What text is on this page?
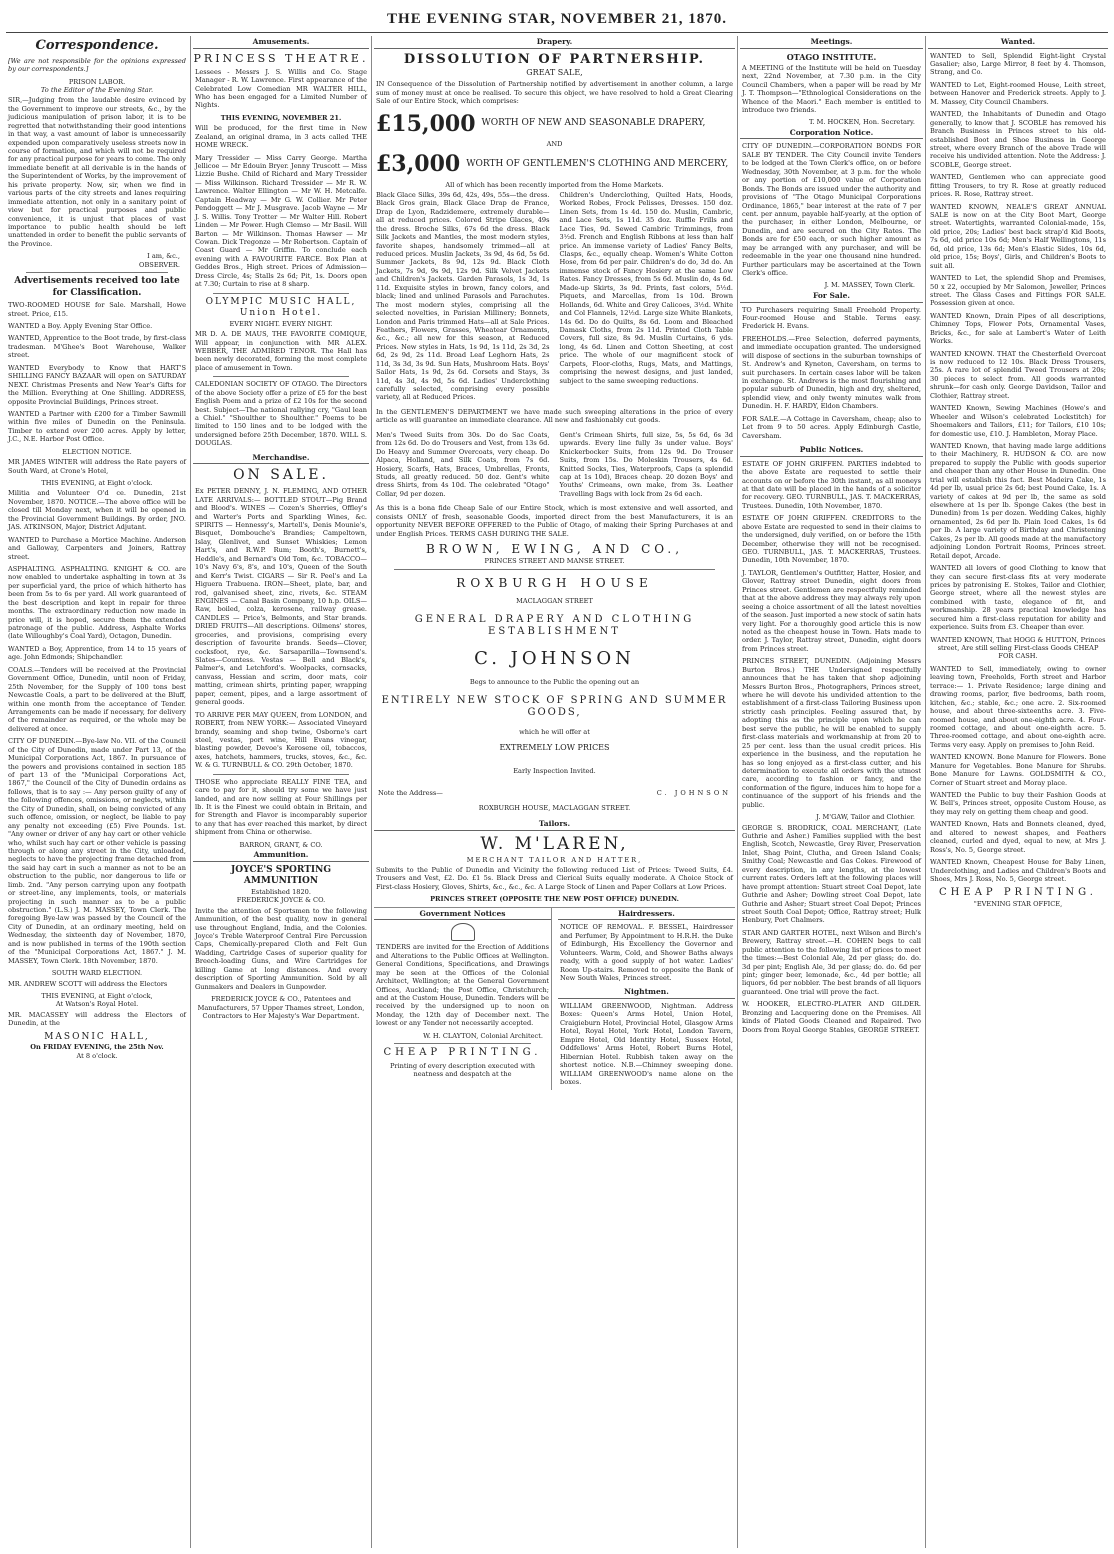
THE EVENING STAR, NOVEMBER 21, 1870.
Correspondence.
[We are not responsible for the opinions expressed by our correspondents.]
PRISON LABOR.
To the Editor of the Evening Star.
SIR,—Judging from the laudable desire evinced by the Government to improve our streets, &c., by the judicious manipulation of prison labor, it is to be regretted that notwithstanding their good intentions in that way, a vast amount of labor is unnecessarily expended upon comparatively useless streets now in course of formation, and which will not be required for any practical purpose for years to come. The only immediate benefit at all derivable is in the hands of the Superintendent of Works, by the improvement of his private property. Now, sir, when we find in various parts of the city streets and lanes requiring immediate attention, not only in a sanitary point of view but for practical purposes and public convenience, it is unjust that places of vast importance to public health should be left unattended in order to benefit the public servants of the Province.
I am, &c.,
OBSERVER.
Advertisements received too late for Classification.
TWO-ROOMED HOUSE for Sale. Marshall, Howe street. Price, £15.
WANTED a Boy. Apply Evening Star Office.
WANTED, Apprentice to the Boot trade, by first-class tradesman. M'Ghee's Boot Warehouse, Walker street.
WANTED Everybody to Know that HART'S SHILLING FANCY BAZAAR will open on SATURDAY NEXT. Christmas Presents and New Year's Gifts for the Million. Everything at One Shilling. ADDRESS, opposite Provincial Buildings, Princes street.
WANTED a Partner with £200 for a Timber Sawmill within five miles of Dunedin on the Peninsula. Timber to extend over 200 acres. Apply by letter, J.C., N.E. Harbor Post Office.
ELECTION NOTICE.
MR JAMES WINTER will address the Rate payers of South Ward, at Crone's Hotel,
THIS EVENING, at Eight o'clock.
Militia and Volunteer O'd ce. Dunedin, 21st November, 1870. NOTICE.—The above office will be closed till Monday next, when it will be opened in the Provincial Government Buildings. By order, JNO. JAS. ATKINSON, Major, District Adjutant.
WANTED to Purchase a Mortice Machine. Anderson and Galloway, Carpenters and Joiners, Rattray street.
ASPHALTING. ASPHALTING. KNIGHT & CO. are now enabled to undertake asphalting in town at 3s per superficial yard, the price of which hitherto has been from 5s to 6s per yard. All work guaranteed of the best description and kept in repair for three months. The extraordinary reduction now made in price will, it is hoped, secure them the extended patronage of the public. Address, Asphalte Works (late Willoughby's Coal Yard), Octagon, Dunedin.
WANTED a Boy, Apprentice, from 14 to 15 years of age. John Edmonds; Shipchandler.
COALS.—Tenders will be received at the Provincial Government Office, Dunedin, until noon of Friday, 25th November, for the Supply of 100 tons best Newcastle Coals, a part to be delivered at the Bluff, within one month from the acceptance of Tender. Arrangements can be made if necessary, for delivery of the remainder as required, or the whole may be delivered at once.
CITY OF DUNEDIN.—Bye-law No. VII. of the Council of the City of Dunedin, made under Part 13, of the Municipal Corporations Act, 1867. In pursuance of the powers and provisions contained in section 185 of part 13 of the "Municipal Corporations Act, 1867," the Council of the City of Dunedin ordains as follows, that is to say :— Any person guilty of any of the following offences, omissions, or neglects, within the City of Dunedin, shall, on being convicted of any such offence, omission, or neglect, be liable to pay any penalty not exceeding (£5) Five Pounds. 1st. "Any owner or driver of any hay cart or other vehicle who, whilst such hay cart or other vehicle is passing through or along any street in the City, unloaded, neglects to have the projecting frame detached from the said hay cart in such a manner as not to be an obstruction to the public, nor dangerous to life or limb. 2nd. "Any person carrying upon any footpath or street-line, any implements, tools, or materials projecting in such manner as to be a public obstruction." (L.S.) J. M. MASSEY, Town Clerk. The foregoing Bye-law was passed by the Council of the City of Dunedin, at an ordinary meeting, held on Wednesday, the sixteenth day of November, 1870, and is now published in terms of the 190th section of the "Municipal Corporations Act, 1867." J. M. MASSEY, Town Clerk. 18th November, 1870.
SOUTH WARD ELECTION.
MR. ANDREW SCOTT will address the Electors
THIS EVENING, at Eight o'clock,
At Watson's Royal Hotel.
MR. MACASSEY will address the Electors of Dunedin, at the
MASONIC HALL,
On FRIDAY EVENING, the 25th Nov.
At 8 o'clock.
Amusements.
PRINCESS THEATRE.
Lessees - Messrs J. S. Willis and Co. Stage Manager - R. W. Lawrence. First appearance of the Celebrated Low Comedian MR WALTER HILL, Who has been engaged for a Limited Number of Nights.
THIS EVENING, NOVEMBER 21.
Will be produced, for the first time in New Zealand, an original drama, in 3 acts called THE HOME WRECK.
Mary Tressider — Miss Carry George. Martha Jellicoe — Mr Edouin Bryer. Jenny Truscott — Miss Lizzie Bushe. Child of Richard and Mary Tressider — Miss Wilkinson. Richard Tressider — Mr R. W. Lawrence. Walter Ellington — Mr W. H. Metcalfe. Captain Headway — Mr G. W. Collier. Mr Peter Pendoggett — Mr J. Musgrave. Jacob Wayne — Mr J. S. Willis. Tony Trotter — Mr Walter Hill. Robert Linden — Mr Power. Hugh Clemso — Mr Basil. Will Barton — Mr Wilkinson. Thomas Hawser — Mr Cowan. Dick Tregonze — Mr Robertson. Captain of Coast Guard — Mr Griffin. To conclude each evening with A FAVOURITE FARCE. Box Plan at Geddes Bros., High street. Prices of Admission—Dress Circle, 4s; Stalls 2s 6d; Pit, 1s. Doors open at 7.30; Curtain to rise at 8 sharp.
OLYMPIC MUSIC HALL, Union Hotel.
EVERY NIGHT. EVERY NIGHT.
MR D. A. DE MAUS, THE FAVORITE COMIQUE, Will appear, in conjunction with MR ALEX. WEBBER, THE ADMIRED TENOR. The Hall has been newly decorated, forming the most complete place of amusement in Town.
CALEDONIAN SOCIETY OF OTAGO. The Directors of the above Society offer a prize of £5 for the best English Poem and a prize of £2 10s for the second best. Subject—The national rallying cry, "Gaul lean a Chiel." "Shoulther to Shoulther." Poems to be limited to 150 lines and to be lodged with the undersigned before 25th December, 1870. WILL S. DOUGLAS.
Merchandise.
ON SALE.
Ex PETER DENNY, J. N. FLEMING, AND OTHER LATE ARRIVALS:— BOTTLED STOUT—Pig Brand and Blood's. WINES — Cozen's Sherries, Offley's and Warter's Ports and Sparkling Wines, &c. SPIRITS — Hennessy's, Martell's, Denis Mounie's, Bisquet, Dombouche's Brandies; Campeltown, Islay, Glenlivet, and Sunset Whiskies; Lemon Hart's, and R.W.P. Rum; Booth's, Burnett's, Heddle's, and Bernard's Old Tom, &c. TOBACCO—10's Navy 6's, 8's, and 10's, Queen of the South and Kerr's Twist. CIGARS — Sir R. Peel's and La Higuera Trabuena. IRON—Sheet, plate, bar, and rod, galvanised sheet, zinc, rivets, &c. STEAM ENGINES — Canal Basin Company, 10 h.p. OILS— Raw, boiled, colza, kerosene, railway grease. CANDLES — Price's, Belmonts, and Star brands. DRIED FRUITS—All descriptions. Oilmens' stores, groceries, and provisions, comprising every description of favourite brands. Seeds—Clover, cocksfoot, rye, &c. Sarsaparilla—Townsend's. Slates—Countess. Vestas — Bell and Black's, Palmer's, and Letchford's. Woolpacks, cornsacks, canvass, Hessian and scrim, door mats, coir matting, crimean shirts, printing paper, wrapping paper, cement, pipes, and a large assortment of general goods.
TO ARRIVE PER MAY QUEEN, from LONDON, and ROBERT, from NEW YORK:— Associated Vineyard brandy, seaming and shop twine, Osborne's cart steel, vestas, port wine, Hill Evans vinegar, blasting powder, Devoe's Kerosene oil, tobaccos, axes, hatchets, hammers, trucks, stoves, &c., &c. W. & G. TURNBULL & CO. 29th October, 1870.
THOSE who appreciate REALLY FINE TEA, and care to pay for it, should try some we have just landed, and are now selling at Four Shillings per lb. It is the Finest we could obtain in Britain, and for Strength and Flavor is incomparably superior to any that has ever reached this market, by direct shipment from China or otherwise.
BARRON, GRANT, & CO.
Ammunition.
JOYCE'S SPORTING AMMUNITION
Established 1820.
FREDERICK JOYCE & CO.
Invite the attention of Sportsmen to the following Ammunition, of the best quality, now in general use throughout England, India, and the Colonies. Joyce's Treble Waterproof Central Fire Percussion Caps, Chemically-prepared Cloth and Felt Gun Wadding, Cartridge Cases of superior quality for Breech-loading Guns, and Wire Cartridges for killing Game at long distances. And every description of Sporting Ammunition. Sold by all Gunmakers and Dealers in Gunpowder.
FREDERICK JOYCE & CO., Patentees and Manufacturers, 57 Upper Thames street, London, Contractors to Her Majesty's War Department.
Drapery.
DISSOLUTION OF PARTNERSHIP.
GREAT SALE,
IN Consequence of the Dissolution of Partnership notified by advertisement in another column, a large sum of money must at once be realised. To secure this object, we have resolved to hold a Great Clearing Sale of our Entire Stock, which comprises:
£15,000 WORTH OF NEW AND SEASONABLE DRAPERY,
AND
£3,000 WORTH OF GENTLEMEN'S CLOTHING AND MERCERY,
All of which has been recently imported from the Home Markets.
Black Glace Silks, 39s 6d, 42s, 49s, 55s—the dress. Black Gros grain, Black Glace Drap de France, Drap de Lyon, Radzidemere, extremely durable—all at reduced prices. Colored Stripe Glaces, 49s the dress. Broche Silks, 67s 6d the dress. Black Silk Jackets and Mantles, the most modern styles, favorite shapes, handsomely trimmed—all at reduced prices. Muslin Jackets, 3s 9d, 4s 6d, 5s 6d. Summer Jackets, 8s 9d, 12s 9d. Black Cloth Jackets, 7s 9d, 9s 9d, 12s 9d. Silk Velvet Jackets and Children's Jackets. Garden Parasols, 1s 3d, 1s 11d. Exquisite styles in brown, fancy colors, and black; lined and unlined Parasols and Parachutes. The most modern styles, comprising all the selected novelties, in Parisian Millinery; Bonnets, London and Paris trimmed Hats—all at Sale Prices. Feathers, Flowers, Grasses, Wheatear Ornaments, &c., &c.; all new for this season, at Reduced Prices. New styles in Hats, 1s 9d, 1s 11d, 2s 3d, 2s 6d, 2s 9d, 2s 11d. Broad Leaf Leghorn Hats, 2s 11d, 3s 3d, 3s 9d. Sun Hats, Mushroom Hats. Boys' Sailor Hats, 1s 9d, 2s 6d. Corsets and Stays, 3s 11d, 4s 3d, 4s 9d, 5s 6d. Ladies' Underclothing carefully selected, comprising every possible variety, all at Reduced Prices.
Children's Underclothing, Quilted Hats, Hoods, Worked Robes, Frock Pelisses, Dresses. 150 doz. Linen Sets, from 1s 4d. 150 do. Muslin, Cambric, and Lace Sets, 1s 11d. 35 doz. Ruffle Frills and Lace Ties, 9d. Sewed Cambric Trimmings, from 3½d. French and English Ribbons at less than half price. An immense variety of Ladies' Fancy Belts, Clasps, &c., equally cheap. Women's White Cotton Hose, from 6d per pair. Children's do do, 3d do. An immense stock of Fancy Hosiery at the same Low Rates. Fancy Dresses, from 5s 6d. Muslin do, 4s 6d. Made-up Skirts, 3s 9d. Prints, fast colors, 5½d. Piquets, and Marcellas, from 1s 10d. Brown Hollands, 6d. White and Grey Calicoes, 3½d. White and Col Flannels, 12½d. Large size White Blankets, 14s 6d. Do do Quilts, 8s 6d. Loom and Bleached Damask Cloths, from 2s 11d. Printed Cloth Table Covers, full size, 8s 9d. Muslin Curtains, 6 yds. long, 4s 6d. Linen and Cotton Sheeting, at cost price. The whole of our magnificent stock of Carpets, Floor-cloths, Rugs, Mats, and Mattings, comprising the newest designs, and just landed, subject to the same sweeping reductions.
In the GENTLEMEN'S DEPARTMENT we have made such sweeping alterations in the price of every article as will guarantee an immediate clearance. All new and fashionably cut goods.
Men's Tweed Suits from 30s. Do do Sac Coats, from 12s 6d. Do do Trousers and Vest, from 13s 6d. Do Heavy and Summer Overcoats, very cheap. Do Alpaca, Holland, and Silk Coats, from 7s 6d. Hosiery, Scarfs, Hats, Braces, Umbrellas, Fronts, Studs, all greatly reduced. 50 doz. Gent's white dress Shirts, from 4s 10d. The celebrated "Otago" Collar, 9d per dozen.
Gent's Crimean Shirts, full size, 5s, 5s 6d, 6s 3d upwards. Every line fully 3s under value. Boys' Knickerbocker Suits, from 12s 9d. Do Trouser Suits, from 15s. Do Moleskin Trousers, 4s 6d. Knitted Socks, Ties, Waterproofs, Caps (a splendid cap at 1s 10d), Braces cheap. 20 dozen Boys' and Youths' Crimeans, own make, from 3s. Leather Travelling Bags with lock from 2s 6d each.
As this is a bona fide Cheap Sale of our Entire Stock, which is most extensive and well assorted, and consists ONLY of fresh, seasonable Goods, imported direct from the best Manufacturers, it is an opportunity NEVER BEFORE OFFERED to the Public of Otago, of making their Spring Purchases at and under English Prices. TERMS CASH DURING THE SALE.
BROWN, EWING, AND CO.,
PRINCES STREET AND MANSE STREET.
ROXBURGH HOUSE
MACLAGGAN STREET
GENERAL DRAPERY AND CLOTHING ESTABLISHMENT
C. JOHNSON
Begs to announce to the Public the opening out an
ENTIRELY NEW STOCK OF SPRING AND SUMMER GOODS,
which he will offer at
EXTREMELY LOW PRICES
Early Inspection Invited.
Note the Address—	C. JOHNSON
ROXBURGH HOUSE, MACLAGGAN STREET.
Tailors.
W. M'LAREN,
MERCHANT TAILOR AND HATTER,
Submits to the Public of Dunedin and Vicinity the following reduced List of Prices: Tweed Suits, £4. Trousers and Vest, £2. Do. £1 5s. Black Dress and Clerical Suits equally moderate. A Choice Stock of First-class Hosiery, Gloves, Shirts, &c., &c., &c. A Large Stock of Linen and Paper Collars at Low Prices.
PRINCES STREET (OPPOSITE THE NEW POST OFFICE) DUNEDIN.
Government Notices
TENDERS are invited for the Erection of Additions and Alterations to the Public Offices at Wellington. General Conditions, Specifications, and Drawings may be seen at the Offices of the Colonial Architect, Wellington; at the General Government Offices, Auckland; the Post Office, Christchurch; and at the Custom House, Dunedin. Tenders will be received by the undersigned up to noon on Monday, the 12th day of December next. The lowest or any Tender not necessarily accepted.
W. H. CLAYTON, Colonial Architect.
CHEAP PRINTING.
Printing of every description executed with neatness and despatch at the
Hairdressers.
NOTICE OF REMOVAL. F. BESSEL, Hairdresser and Perfumer, By Appointment to H.R.H. the Duke of Edinburgh, His Excellency the Governor and Volunteers. Warm, Cold, and Shower Baths always ready, with a good supply of hot water. Ladies' Room Up-stairs. Removed to opposite the Bank of New South Wales, Princes street.
Nightmen.
WILLIAM GREENWOOD, Nightman. Address Boxes: Queen's Arms Hotel, Union Hotel, Craigieburn Hotel, Provincial Hotel, Glasgow Arms Hotel, Royal Hotel, York Hotel, London Tavern, Empire Hotel, Old Identity Hotel, Sussex Hotel, Oddfellows' Arms Hotel, Robert Burns Hotel, Hibernian Hotel. Rubbish taken away on the shortest notice. N.B.—Chimney sweeping done. WILLIAM GREENWOOD's name alone on the boxes.
Meetings.
OTAGO INSTITUTE.
A MEETING of the Institute will be held on Tuesday next, 22nd November, at 7.30 p.m. in the City Council Chambers, when a paper will be read by Mr J. T. Thompson—"Ethnological Considerations on the Whence of the Maori." Each member is entitled to introduce two friends.
T. M. HOCKEN, Hon. Secretary.
Corporation Notice.
CITY OF DUNEDIN.—CORPORATION BONDS FOR SALE BY TENDER. The City Council invite Tenders to be lodged at the Town Clerk's office, on or before Wednesday, 30th November, at 3 p.m. for the whole or any portion of £10,000 value of Corporation Bonds. The Bonds are issued under the authority and provisions of "The Otago Municipal Corporations Ordinance, 1865," bear interest at the rate of 7 per cent. per annum, payable half-yearly, at the option of the purchaser, in either London, Melbourne, or Dunedin, and are secured on the City Rates. The Bonds are for £50 each, or such higher amount as may be arranged with any purchaser, and will be redeemable in the year one thousand nine hundred. Further particulars may be ascertained at the Town Clerk's office.
J. M. MASSEY, Town Clerk.
For Sale.
TO Purchasers requiring Small Freehold Property. Four-roomed House and Stable. Terms easy. Frederick H. Evans.
FREEHOLDS.—Free Selection, deferred payments, and immediate occupation granted. The undersigned will dispose of sections in the suburban townships of St. Andrew's and Kyneton, Caversham, on terms to suit purchasers. In certain cases labor will be taken in exchange. St. Andrews is the most flourishing and popular suburb of Dunedin, high and dry, sheltered, splendid view, and only twenty minutes walk from Dunedin. H. F. HARDY, Eldon Chambers.
FOR SALE.—A Cottage in Caversham, cheap; also to Let from 9 to 50 acres. Apply Edinburgh Castle, Caversham.
Public Notices.
ESTATE OF JOHN GRIFFEN. PARTIES indebted to the above Estate are requested to settle their accounts on or before the 30th instant, as all moneys at that date will be placed in the hands of a solicitor for recovery. GEO. TURNBULL, JAS. T. MACKERRAS, Trustees. Dunedin, 10th November, 1870.
ESTATE OF JOHN GRIFFEN. CREDITORS to the above Estate are requested to send in their claims to the undersigned, duly verified, on or before the 15th December, otherwise they will not be recognised. GEO. TURNBULL, JAS. T. MACKERRAS, Trustees. Dunedin, 10th November, 1870.
J. TAYLOR, Gentlemen's Outfitter, Hatter, Hosier, and Glover, Rattray street Dunedin, eight doors from Princes street. Gentlemen are respectfully reminded that at the above address they may always rely upon seeing a choice assortment of all the latest novelties of the season. Just imported a new stock of satin hats very light. For a thoroughly good article this is now noted as the cheapest house in Town. Hats made to order. J. Taylor, Rattray street, Dunedin, eight doors from Princes street.
PRINCES STREET, DUNEDIN. (Adjoining Messrs Burton Bros.) THE Undersigned respectfully announces that he has taken that shop adjoining Messrs Burton Bros., Photographers, Princes street, where he will devote his undivided attention to the establishment of a first-class Tailoring Business upon strictly cash principles. Feeling assured that, by adopting this as the principle upon which he can best serve the public, he will be enabled to supply first-class materials and workmanship at from 20 to 25 per cent. less than the usual credit prices. His experience in the business, and the reputation he has so long enjoyed as a first-class cutter, and his determination to execute all orders with the utmost care, according to fashion or fancy, and the conformation of the figure, induces him to hope for a continuance of the support of his friends and the public.
J. M'GAW, Tailor and Clothier.
GEORGE S. BRODRICK, COAL MERCHANT, (Late Guthrie and Asher.) Families supplied with the best English, Scotch, Newcastle, Grey River, Preservation Inlet, Shag Point, Clutha, and Green Island Coals; Smithy Coal; Newcastle and Gas Cokes. Firewood of every description, in any lengths, at the lowest current rates. Orders left at the following places will have prompt attention: Stuart street Coal Depot, late Guthrie and Asher; Dowling street Coal Depot, late Guthrie and Asher; Stuart street Coal Depot; Princes street South Coal Depot; Office, Rattray street; Hulk Henbury, Port Chalmers.
STAR AND GARTER HOTEL, next Wilson and Birch's Brewery, Rattray street.—H. COHEN begs to call public attention to the following list of prices to meet the times:—Best Colonial Ale, 2d per glass; do. do. 3d per pint; English Ale, 3d per glass; do. do. 6d per pint; ginger beer, lemonade, &c., 4d per bottle; all liquors, 6d per nobbler. The best brands of all liquors guaranteed. One trial will prove the fact.
W. HOOKER, ELECTRO-PLATER AND GILDER. Bronzing and Lacquering done on the Premises. All kinds of Plated Goods Cleaned and Repaired. Two Doors from Royal George Stables, GEORGE STREET.
Wanted.
WANTED to Sell, Splendid Eight-light Crystal Gasalier; also, Large Mirror, 8 feet by 4. Thomson, Strang, and Co.
WANTED to Let, Eight-roomed House, Leith street, between Hanover and Frederick streets. Apply to J. M. Massey, City Council Chambers.
WANTED, the Inhabitants of Dunedin and Otago generally, to know that J. SCOBLE has removed his Branch Business in Princes street to his old-established Boot and Shoe Business in George street, where every Branch of the above Trade will receive his undivided attention. Note the Address: J. SCOBLE, George street.
WANTED, Gentlemen who can appreciate good fitting Trousers, to try R. Rose at greatly reduced prices. R. Rose, Rattray street.
WANTED KNOWN, NEALE'S GREAT ANNUAL SALE is now on at the City Boot Mart, George street. Watertights, warranted Colonial-made, 15s, old price, 20s; Ladies' best back strap'd Kid Boots, 7s 6d, old price 10s 6d; Men's Half Wellingtons, 11s 6d, old price, 13s 6d; Men's Elastic Sides, 10s 6d, old price, 15s; Boys', Girls, and Children's Boots to suit all.
WANTED to Let, the splendid Shop and Premises, 50 x 22, occupied by Mr Salomon, Jeweller, Princes street. The Glass Cases and Fittings FOR SALE. Possession given at once.
WANTED Known, Drain Pipes of all descriptions, Chimney Tops, Flower Pots, Ornamental Vases, Bricks, &c., for sale at Lambert's Water of Leith Works.
WANTED KNOWN. THAT the Chesterfield Overcoat is now reduced to 12 10s. Black Dress Trousers, 25s. A rare lot of splendid Tweed Trousers at 20s; 30 pieces to select from. All goods warranted shrunk—for cash only. George Davidson, Tailor and Clothier, Rattray street.
WANTED Known, Sewing Machines (Howe's and Wheeler and Wilson's celebrated Lockstitch) for Shoemakers and Tailors, £11; for Tailors, £10 10s; for domestic use, £10. J. Hambleton, Moray Place.
WANTED Known, that having made large additions to their Machinery, R. HUDSON & CO. are now prepared to supply the Public with goods superior and cheaper than any other House in Dunedin. One trial will establish this fact. Best Madeira Cake, 1s 4d per lb, usual price 2s 6d; best Pound Cake, 1s. A variety of cakes at 9d per lb, the same as sold elsewhere at 1s per lb. Sponge Cakes (the best in Dunedin) from 1s per dozen. Wedding Cakes, highly ornamented, 2s 6d per lb. Plain Iced Cakes, 1s 6d per lb. A large variety of Birthday and Christening Cakes, 2s per lb. All goods made at the manufactory adjoining London Portrait Rooms, Princes street. Retail depot, Arcade.
WANTED all lovers of good Clothing to know that they can secure first-class fits at very moderate prices by patronising E. Stokes, Tailor and Clothier, George street, where all the newest styles are combined with taste, elegance of fit, and workmanship. 28 years practical knowledge has secured him a first-class reputation for ability and experience. Suits from £3. Cheaper than ever.
WANTED KNOWN, That HOGG & HUTTON, Princes street, Are still selling First-class Goods CHEAP FOR CASH.
WANTED to Sell, immediately, owing to owner leaving town, Freeholds, Forth street and Harbor terrace:— 1. Private Residence; large dining and drawing rooms, parlor, five bedrooms, bath room, kitchen, &c.; stable, &c.; one acre. 2. Six-roomed house, and about three-sixteenths acre. 3. Five-roomed house, and about one-eighth acre. 4. Four-roomed cottage, and about one-eighth acre. 5. Three-roomed cottage, and about one-eighth acre. Terms very easy. Apply on premises to John Reid.
WANTED KNOWN. Bone Manure for Flowers. Bone Manure for Vegetables. Bone Manure for Shrubs. Bone Manure for Lawns. GOLDSMITH & CO., Corner of Stuart street and Moray place.
WANTED the Public to buy their Fashion Goods at W. Bell's, Princes street, opposite Custom House, as they may rely on getting them cheap and good.
WANTED Known, Hats and Bonnets cleaned, dyed, and altered to newest shapes, and Feathers cleaned, curled and dyed, equal to new, at Mrs J. Ross's, No. 5, George street.
WANTED Known, Cheapest House for Baby Linen, Underclothing, and Ladies and Children's Boots and Shoes, Mrs J. Ross, No. 5, George street.
CHEAP PRINTING.
"EVENING STAR OFFICE,
